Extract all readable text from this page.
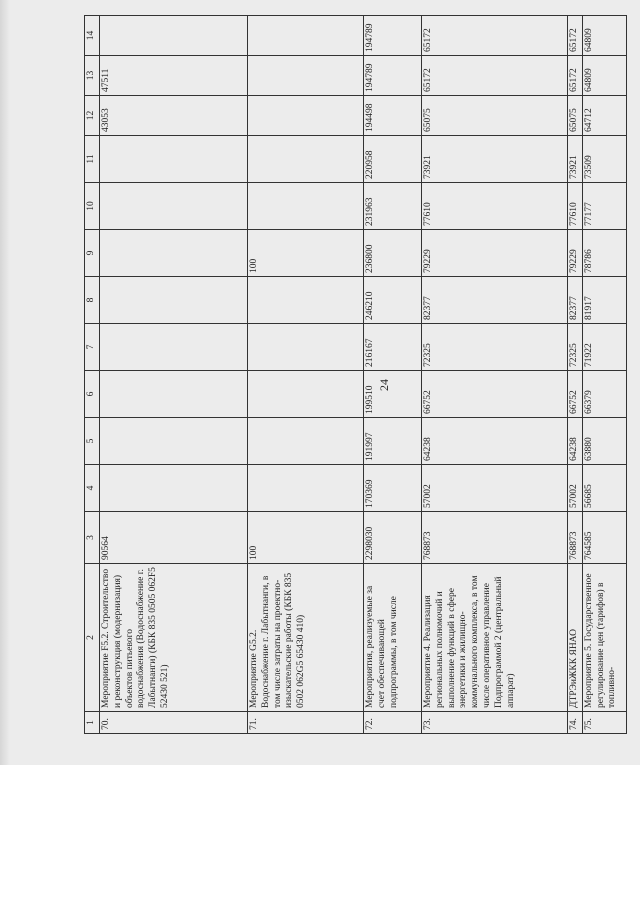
24
1	2	3	4	5	6	7	8	9	10	11	12	13	14
70.	Мероприятие F5.2. Строительство и реконструкция (модернизация) объектов питьевого водоснабжения (Водоснабжение г. Лабытнанги) (КБК 835 0505 062F5 52430 521)	90564									43053	47511	
71.	Мероприятие G5.2. Водоснабжение г. Лабытнанги, в том числе затраты на проектно-изыскательские работы (КБК 835 0502 062G5 65430 410)	100						100					
72.	Мероприятия, реализуемые за счет обеспечивающей подпрограммы, в том числе	2298030	170369	191997	199510	216167	246210	236800	231963	220958	194498	194789	194789
73.	Мероприятие 4. Реализация региональных полномочий и выполнение функций в сфере энергетики и жилищно-коммунального комплекса, в том числе оперативное управление Подпрограммой 2 (центральный аппарат)	768873	57002	64238	66752	72325	82377	79229	77610	73921	65075	65172	65172
74.	ДТРЭиЖКК ЯНАО	768873	57002	64238	66752	72325	82377	79229	77610	73921	65075	65172	65172
75.	Мероприятие 5. Государственное регулирование цен (тарифов) в топливно-	764585	56685	63880	66379	71922	81917	78786	77177	73509	64712	64809	64809
